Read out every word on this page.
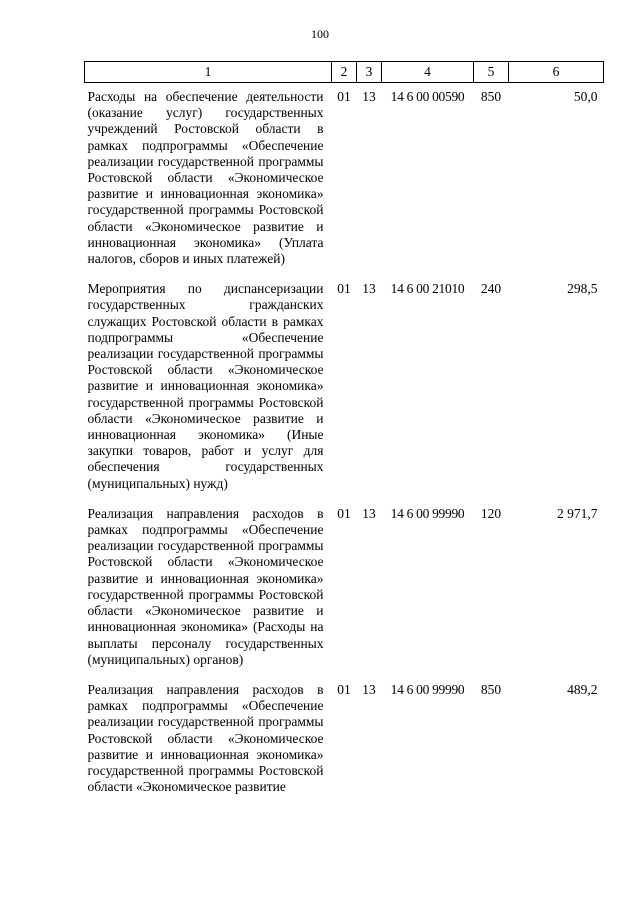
100
1	2	3	4	5	6
Расходы на обеспечение деятельности (оказание услуг) государственных учреждений Ростовской области в рамках подпрограммы «Обеспечение реализации государственной программы Ростовской области «Экономическое развитие и инновационная экономика» государственной программы Ростовской области «Экономическое развитие и инновационная экономика» (Уплата налогов, сборов и иных платежей)	01	13	14 6 00 00590	850	50,0
Мероприятия по диспансеризации государственных гражданских служащих Ростовской области в рамках подпрограммы «Обеспечение реализации государственной программы Ростовской области «Экономическое развитие и инновационная экономика» государственной программы Ростовской области «Экономическое развитие и инновационная экономика» (Иные закупки товаров, работ и услуг для обеспечения государственных (муниципальных) нужд)	01	13	14 6 00 21010	240	298,5
Реализация направления расходов в рамках подпрограммы «Обеспечение реализации государственной программы Ростовской области «Экономическое развитие и инновационная экономика» государственной программы Ростовской области «Экономическое развитие и инновационная экономика» (Расходы на выплаты персоналу государственных (муниципальных) органов)	01	13	14 6 00 99990	120	2 971,7
Реализация направления расходов в рамках подпрограммы «Обеспечение реализации государственной программы Ростовской области «Экономическое развитие и инновационная экономика» государственной программы Ростовской области «Экономическое развитие	01	13	14 6 00 99990	850	489,2
